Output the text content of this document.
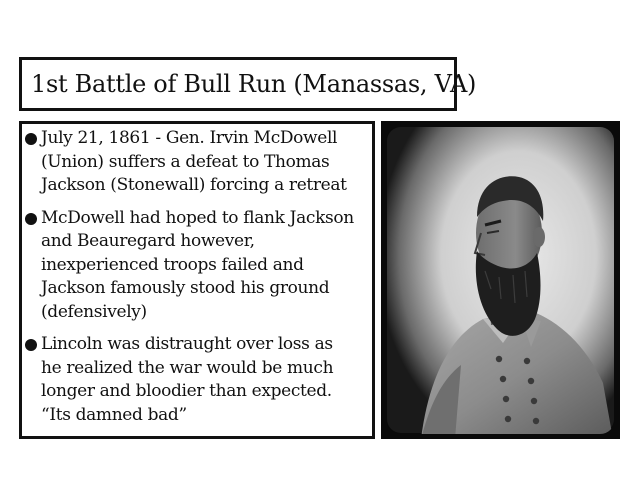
1st Battle of Bull Run (Manassas, VA)
July 21, 1861 - Gen. Irvin McDowell
(Union) suffers a defeat to Thomas
Jackson (Stonewall) forcing a retreat
McDowell had hoped to flank Jackson
and Beauregard however,
inexperienced troops failed and
Jackson famously stood his ground
(defensively)
Lincoln was distraught over loss as
he realized the war would be much
longer and bloodier than expected.
“Its damned bad”
